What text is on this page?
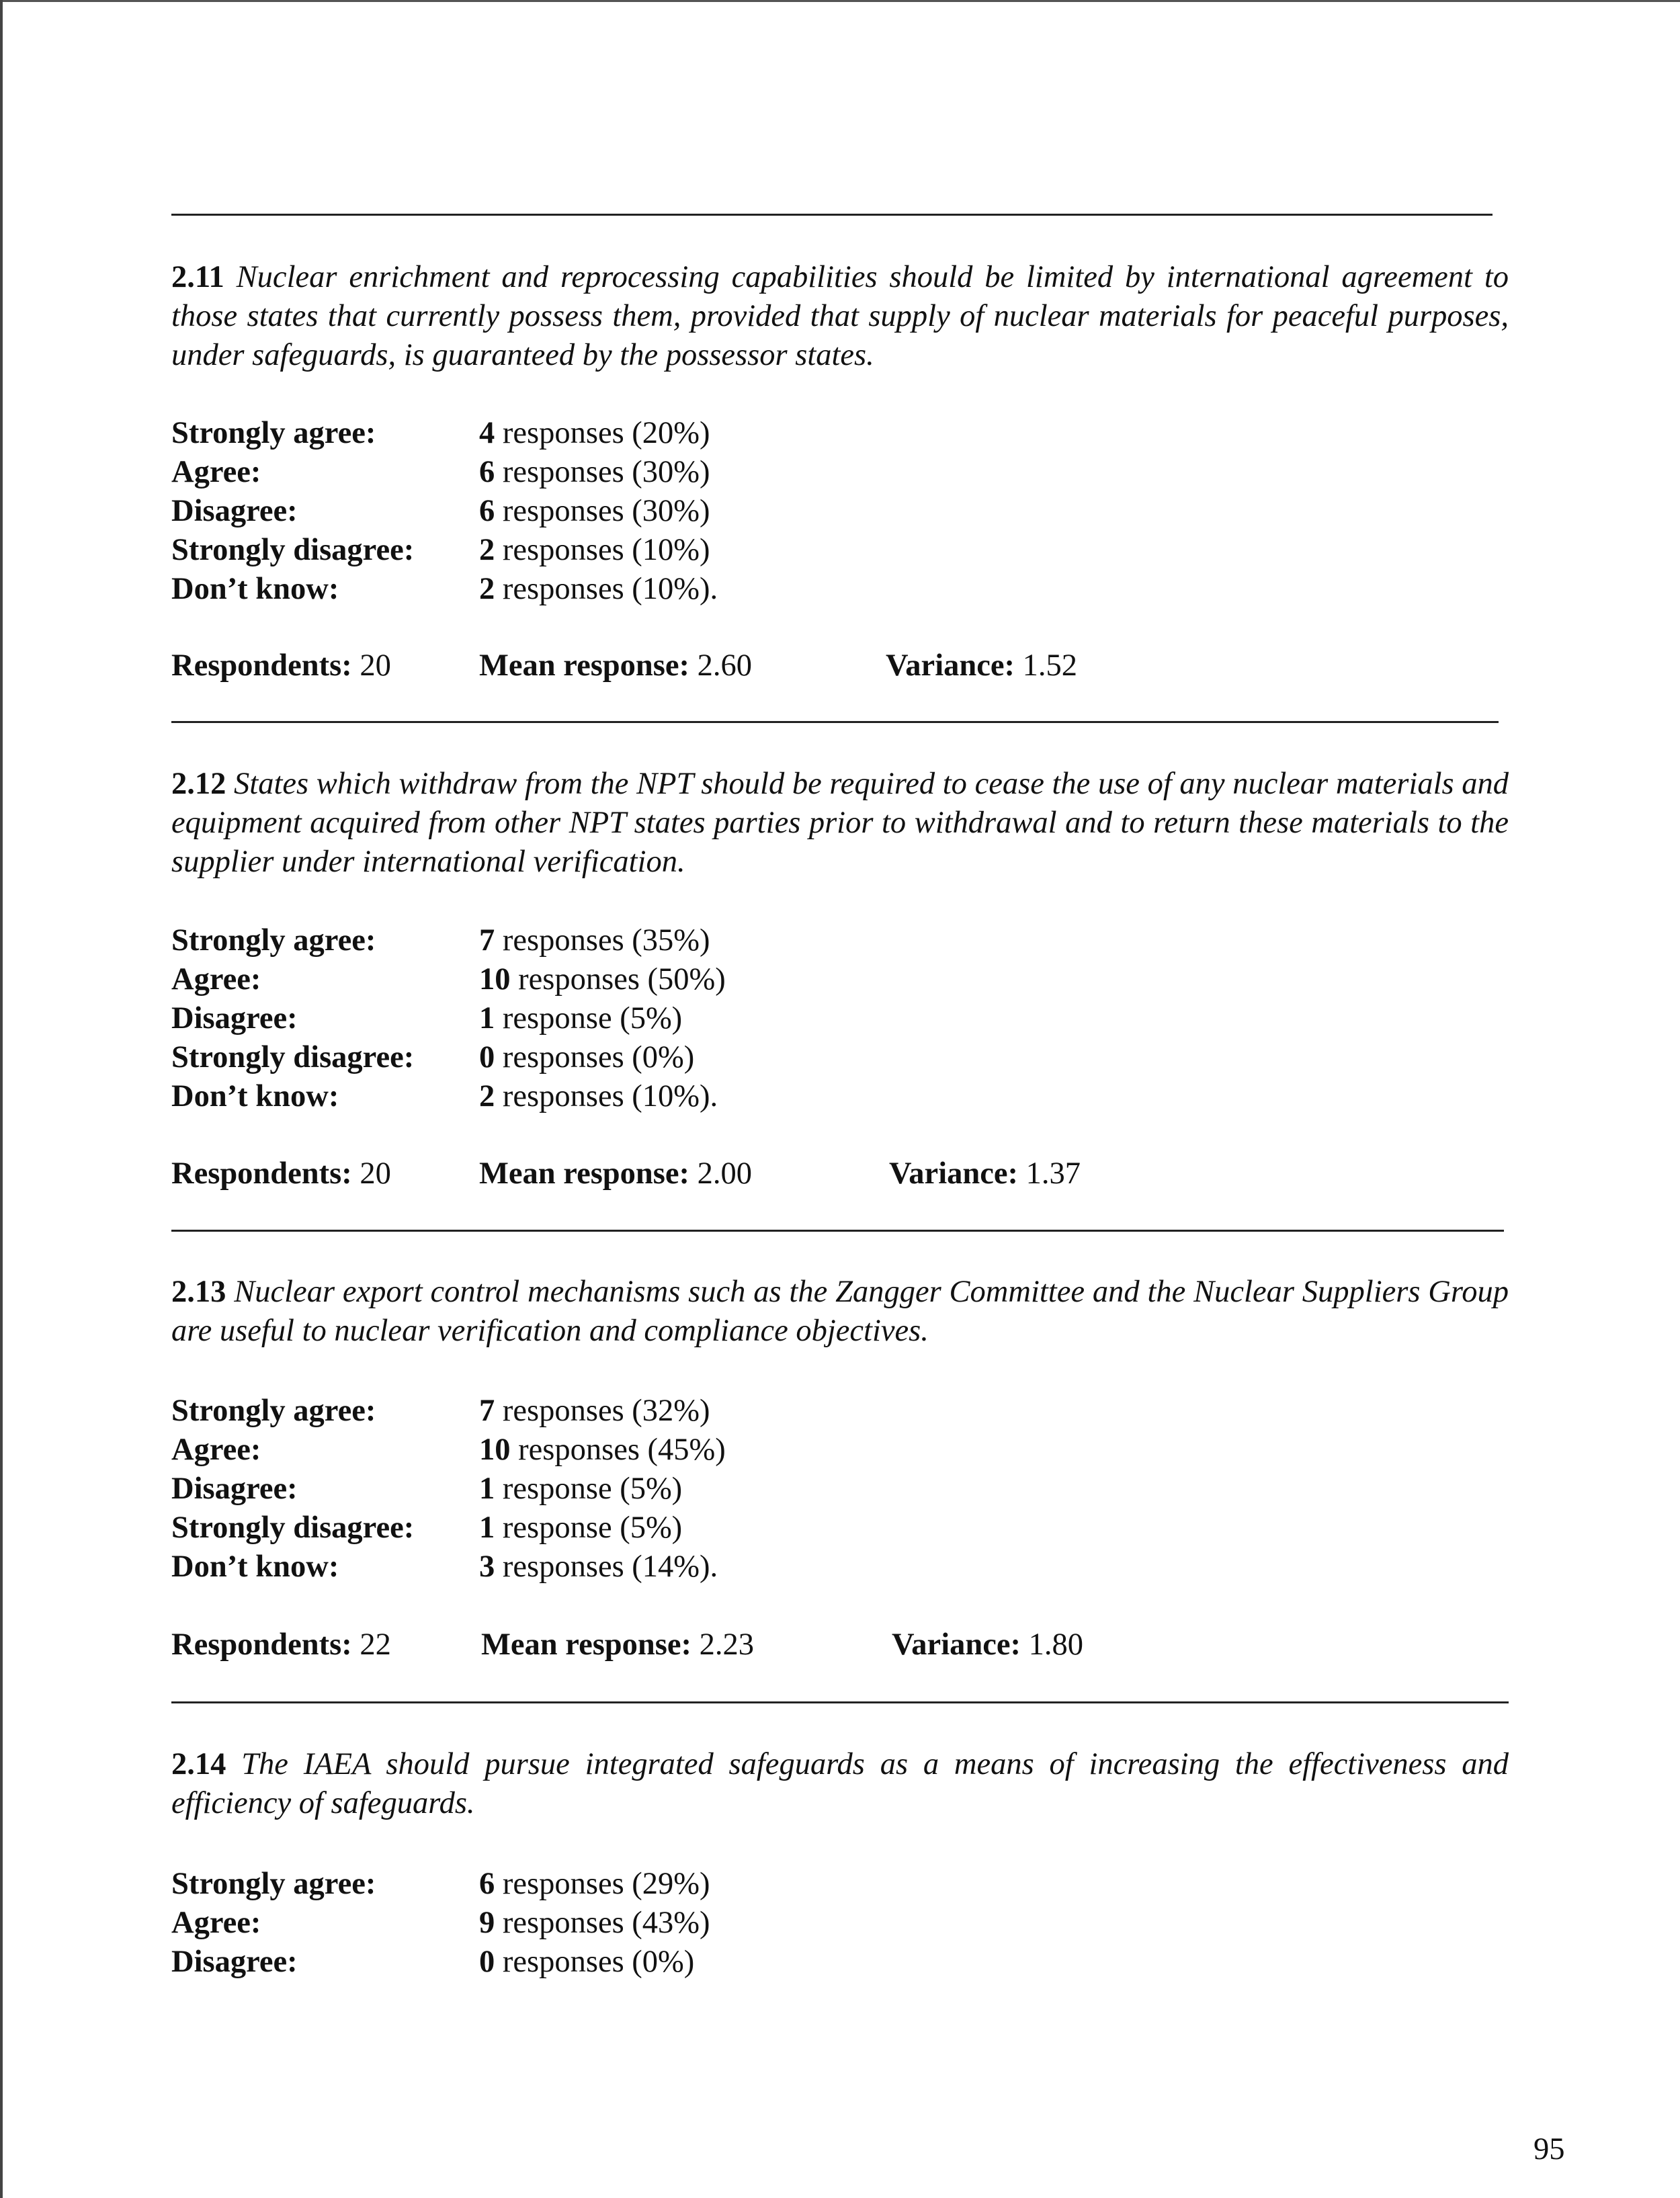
2.11 Nuclear enrichment and reprocessing capabilities should be limited by international agreement to those states that currently possess them, provided that supply of nuclear materials for peaceful purposes, under safeguards, is guaranteed by the possessor states.

Strongly agree:	4 responses (20%)
Agree:	6 responses (30%)
Disagree:	6 responses (30%)
Strongly disagree:	2 responses (10%)
Don’t know:	2 responses (10%).
Respondents: 20	Mean response: 2.60	Variance: 1.52

2.12 States which withdraw from the NPT should be required to cease the use of any nuclear materials and equipment acquired from other NPT states parties prior to withdrawal and to return these materials to the supplier under international verification.

Strongly agree:	7 responses (35%)
Agree:	10 responses (50%)
Disagree:	1 response (5%)
Strongly disagree:	0 responses (0%)
Don’t know:	2 responses (10%).
Respondents: 20	Mean response: 2.00	Variance: 1.37

2.13 Nuclear export control mechanisms such as the Zangger Committee and the Nuclear Suppliers Group are useful to nuclear verification and compliance objectives.

Strongly agree:	7 responses (32%)
Agree:	10 responses (45%)
Disagree:	1 response (5%)
Strongly disagree:	1 response (5%)
Don’t know:	3 responses (14%).
Respondents: 22	Mean response: 2.23	Variance: 1.80

2.14 The IAEA should pursue integrated safeguards as a means of increasing the effectiveness and efficiency of safeguards.

Strongly agree:	6 responses (29%)
Agree:	9 responses (43%)
Disagree:	0 responses (0%)
95
